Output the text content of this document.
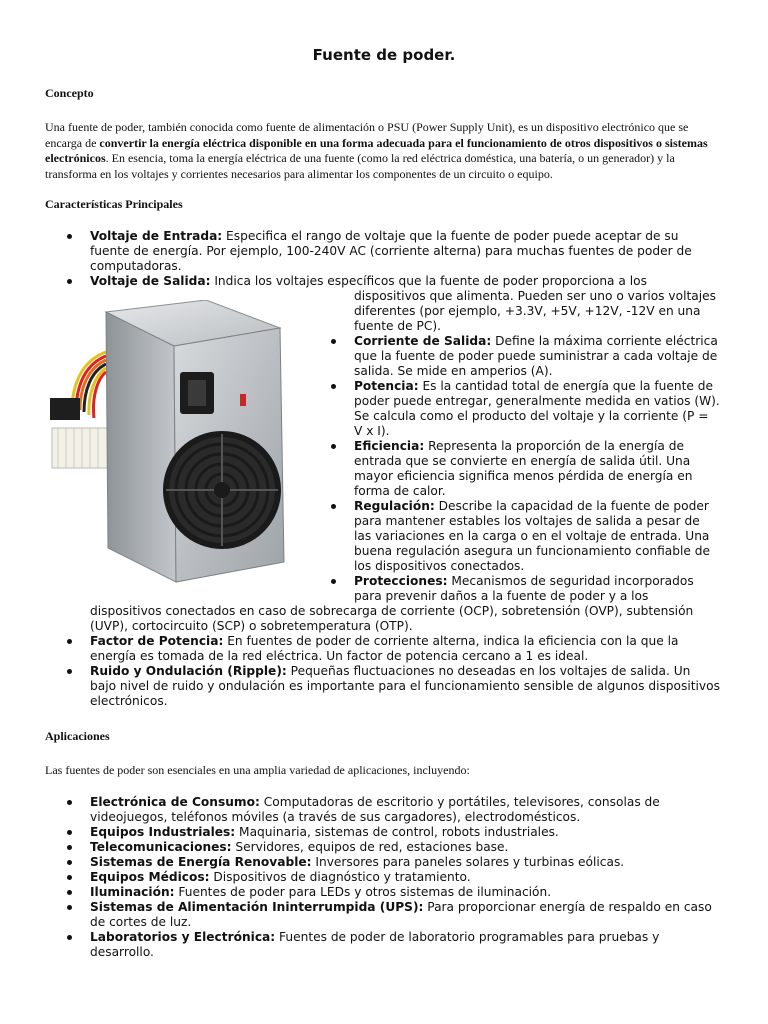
Fuente de poder.
Concepto
Una fuente de poder, también conocida como fuente de alimentación o PSU (Power Supply Unit), es un dispositivo electrónico que se encarga de convertir la energía eléctrica disponible en una forma adecuada para el funcionamiento de otros dispositivos o sistemas electrónicos. En esencia, toma la energía eléctrica de una fuente (como la red eléctrica doméstica, una batería, o un generador) y la transforma en los voltajes y corrientes necesarios para alimentar los componentes de un circuito o equipo.
Características Principales
Voltaje de Entrada: Especifica el rango de voltaje que la fuente de poder puede aceptar de su fuente de energía. Por ejemplo, 100-240V AC (corriente alterna) para muchas fuentes de poder de computadoras.
Voltaje de Salida: Indica los voltajes específicos que la fuente de poder proporciona a los
dispositivos que alimenta. Pueden ser uno o varios voltajes diferentes (por ejemplo, +3.3V, +5V, +12V, -12V en una fuente de PC).
Corriente de Salida: Define la máxima corriente eléctrica que la fuente de poder puede suministrar a cada voltaje de salida. Se mide en amperios (A).
Potencia: Es la cantidad total de energía que la fuente de poder puede entregar, generalmente medida en vatios (W). Se calcula como el producto del voltaje y la corriente (P = V x I).
Eficiencia: Representa la proporción de la energía de entrada que se convierte en energía de salida útil. Una mayor eficiencia significa menos pérdida de energía en forma de calor.
Regulación: Describe la capacidad de la fuente de poder para mantener estables los voltajes de salida a pesar de las variaciones en la carga o en el voltaje de entrada. Una buena regulación asegura un funcionamiento confiable de los dispositivos conectados.
Protecciones: Mecanismos de seguridad incorporados para prevenir daños a la fuente de poder y a los
dispositivos conectados en caso de sobrecarga de corriente (OCP), sobretensión (OVP), subtensión (UVP), cortocircuito (SCP) o sobretemperatura (OTP).
Factor de Potencia: En fuentes de poder de corriente alterna, indica la eficiencia con la que la energía es tomada de la red eléctrica. Un factor de potencia cercano a 1 es ideal.
Ruido y Ondulación (Ripple): Pequeñas fluctuaciones no deseadas en los voltajes de salida. Un bajo nivel de ruido y ondulación es importante para el funcionamiento sensible de algunos dispositivos electrónicos.
Aplicaciones
Las fuentes de poder son esenciales en una amplia variedad de aplicaciones, incluyendo:
Electrónica de Consumo: Computadoras de escritorio y portátiles, televisores, consolas de videojuegos, teléfonos móviles (a través de sus cargadores), electrodomésticos.
Equipos Industriales: Maquinaria, sistemas de control, robots industriales.
Telecomunicaciones: Servidores, equipos de red, estaciones base.
Sistemas de Energía Renovable: Inversores para paneles solares y turbinas eólicas.
Equipos Médicos: Dispositivos de diagnóstico y tratamiento.
Iluminación: Fuentes de poder para LEDs y otros sistemas de iluminación.
Sistemas de Alimentación Ininterrumpida (UPS): Para proporcionar energía de respaldo en caso de cortes de luz.
Laboratorios y Electrónica: Fuentes de poder de laboratorio programables para pruebas y desarrollo.
